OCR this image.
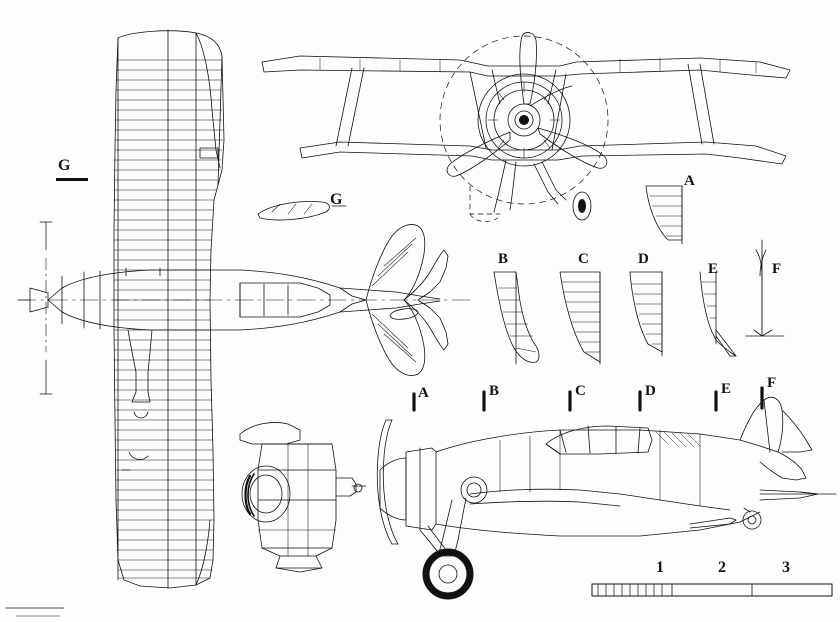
G
G
A
B	C	D
E	F
A	B	C	D	E F
1	2	3
